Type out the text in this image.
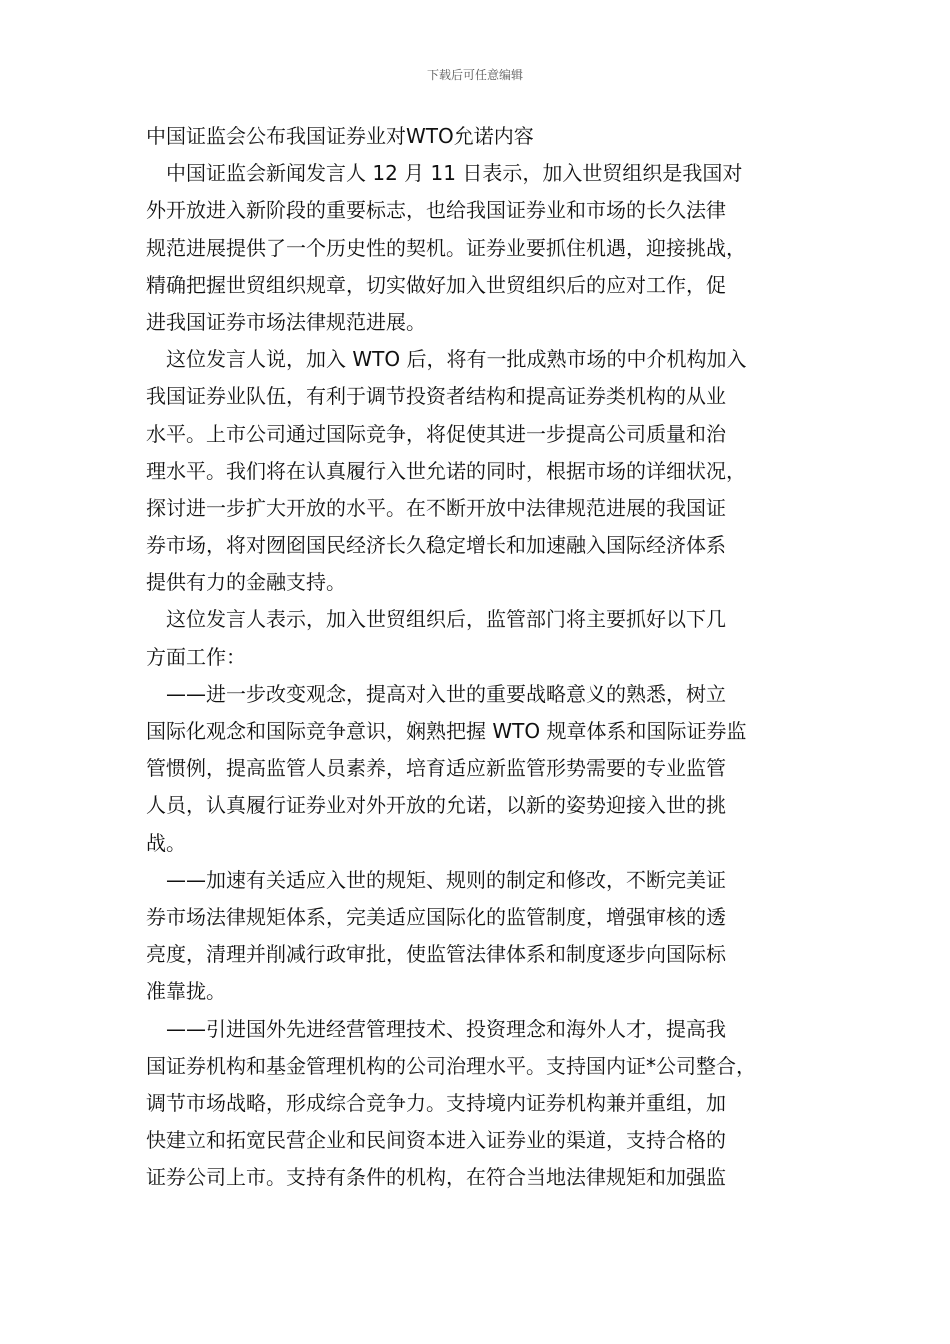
下载后可任意编辑
中国证监会公布我国证券业对WTO允诺内容
　中国证监会新闻发言人 12 月 11 日表示，加入世贸组织是我国对
外开放进入新阶段的重要标志，也给我国证券业和市场的长久法律
规范进展提供了一个历史性的契机。证券业要抓住机遇，迎接挑战，
精确把握世贸组织规章，切实做好加入世贸组织后的应对工作，促
进我国证券市场法律规范进展。
　这位发言人说，加入 WTO 后，将有一批成熟市场的中介机构加入
我国证券业队伍，有利于调节投资者结构和提高证券类机构的从业
水平。上市公司通过国际竞争，将促使其进一步提高公司质量和治
理水平。我们将在认真履行入世允诺的同时，根据市场的详细状况，
探讨进一步扩大开放的水平。在不断开放中法律规范进展的我国证
券市场，将对囫囵国民经济长久稳定增长和加速融入国际经济体系
提供有力的金融支持。
　这位发言人表示，加入世贸组织后，监管部门将主要抓好以下几
方面工作：
　——进一步改变观念，提高对入世的重要战略意义的熟悉，树立
国际化观念和国际竞争意识，娴熟把握 WTO 规章体系和国际证券监
管惯例，提高监管人员素养，培育适应新监管形势需要的专业监管
人员，认真履行证券业对外开放的允诺，以新的姿势迎接入世的挑
战。
　——加速有关适应入世的规矩、规则的制定和修改，不断完美证
券市场法律规矩体系，完美适应国际化的监管制度，增强审核的透
亮度，清理并削减行政审批，使监管法律体系和制度逐步向国际标
准靠拢。
　——引进国外先进经营管理技术、投资理念和海外人才，提高我
国证券机构和基金管理机构的公司治理水平。支持国内证*公司整合，
调节市场战略，形成综合竞争力。支持境内证券机构兼并重组，加
快建立和拓宽民营企业和民间资本进入证券业的渠道，支持合格的
证券公司上市。支持有条件的机构，在符合当地法律规矩和加强监
